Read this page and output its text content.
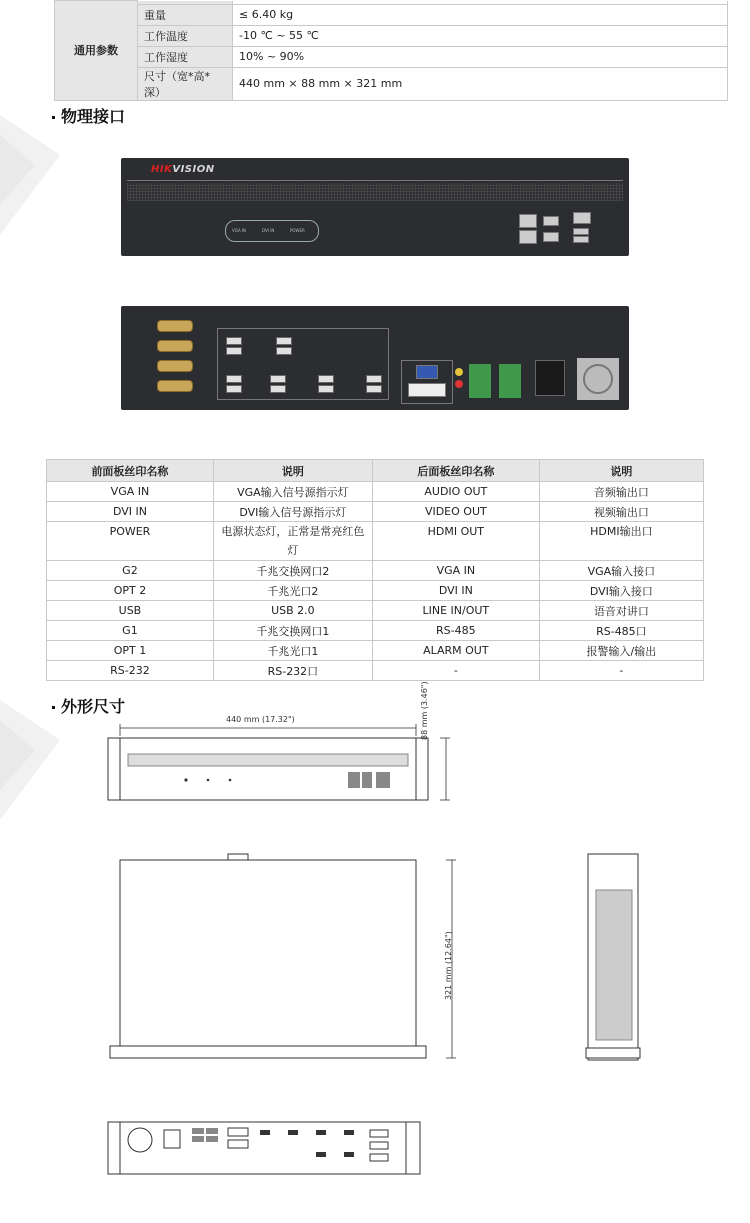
通用参数		
	重量	≤ 6.40 kg
	工作温度	-10 ℃ ~ 55 ℃
	工作湿度	10% ~ 90%
	尺寸（宽*高*深）	440 mm × 88 mm × 321 mm
物理接口
HIKVISION
VGA IN	DVI IN	POWER
前面板丝印名称	说明	后面板丝印名称	说明
VGA IN	VGA输入信号源指示灯	AUDIO OUT	音频输出口
DVI IN	DVI输入信号源指示灯	VIDEO OUT	视频输出口
POWER	电源状态灯，正常是常亮红色灯	HDMI OUT	HDMI输出口
G2	千兆交换网口2	VGA IN	VGA输入接口
OPT 2	千兆光口2	DVI IN	DVI输入接口
USB	USB 2.0	LINE IN/OUT	语音对讲口
G1	千兆交换网口1	RS-485	RS-485口
OPT 1	千兆光口1	ALARM OUT	报警输入/输出
RS-232	RS-232口	-	-
外形尺寸
440 mm (17.32")	88 mm (3.46")
321 mm (12.64")
